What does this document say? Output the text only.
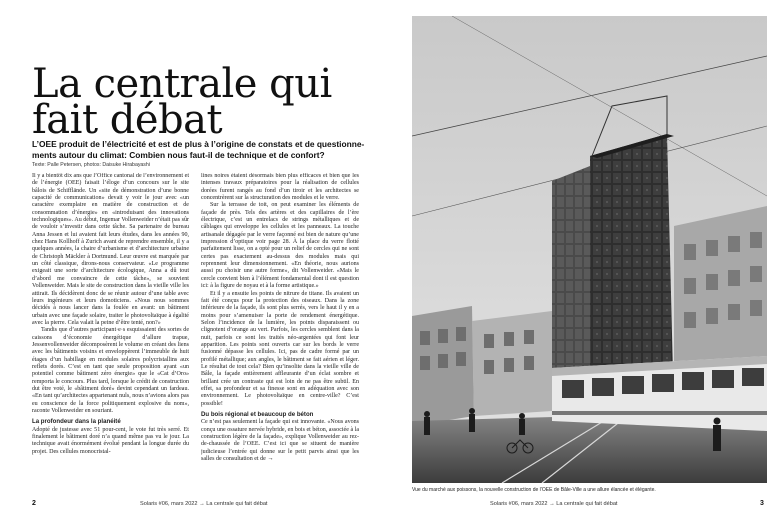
La centrale qui
fait débat

L’OEE produit de l’électricité et est de plus à l’origine de constats et de questionnements autour du climat: Combien nous faut-il de technique et de confort?

Texte: Palle Petersen, photos: Daisuke Hirabayashi

Il y a bientôt dix ans que l’Office cantonal de l’environnement et de l’énergie (OEE) faisait l’éloge d’un concours sur le site bâlois de Schifflände. Un «site de démonstration d’une bonne capacité de communication» devait y voir le jour avec «un caractère exemplaire en matière de construction et de consommation d’énergie» en «introduisant des innovations technologiques». Au début, Ingemar Vollenweider n’était pas sûr de vouloir s’investir dans cette tâche. Sa partenaire de bureau Anna Jessen et lui avaient fait leurs études, dans les années 90, chez Hans Kollhoff à Zurich avant de reprendre ensemble, il y a quelques années, la chaire d’urbanisme et d’architecture urbaine de Christoph Mäckler à Dortmund. Leur œuvre est marquée par un côté classique, dirons-nous conservateur. «Le programme exigeait une sorte d’architecture écologique, Anna a dû tout d’abord me convaincre de cette tâche», se souvient Vollenweider. Mais le site de construction dans la vieille ville les attirait. Ils décidèrent donc de se réunir autour d’une table avec leurs ingénieurs et leurs domoticiens. «Nous nous sommes décidés à nous lancer dans la foulée en avant: un bâtiment urbain avec une façade solaire, traiter le photovoltaïque à égalité avec la pierre. Cela valait la peine d’être tenté, non?»

Tandis que d’autres participant·e·s esquissaient des sortes de caissons d’économie énergétique d’allure trapue, Jessenvollenweider décomposèrent le volume en créant des liens avec les bâtiments voisins et enveloppèrent l’immeuble de huit étages d’un habillage en modules solaires polycristallins aux reflets dorés. C’est en tant que seule proposition ayant «un potentiel comme bâtiment zéro énergie» que le «Cat d’Oro» remporta le concours. Plus tard, lorsque le crédit de construction dut être voté, le «bâtiment doré» devint cependant un fardeau. «En tant qu’architectes appartenant nuls, nous n’avions alors pas eu conscience de la force politiquement explosive du nom», raconte Vollenweider en souriant.

La profondeur dans la planéité

Adopté de justesse avec 51 pour-cent, le vote fut très serré. Et finalement le bâtiment doré n’a quand même pas vu le jour. La technique avait énormément évolué pendant la longue durée du projet. Des cellules monocristal-

lines noires étaient désormais bien plus efficaces et bien que les intenses travaux préparatoires pour la réalisation de cellules dorées furent rangés au fond d’un tiroir et les architectes se concentrèrent sur la structuration des modules et le verre.

Sur la terrasse de toit, on peut examiner les éléments de façade de près. Tels des artères et des capillaires de l’ère électrique, c’est un entrelacs de strings métalliques et de câblages qui enveloppe les cellules et les panneaux. La touche artisanale dégagée par le verre façonné est bien de nature qu’une impression d’optique voir page 28. À la place du verre flotté parfaitement lisse, on a opté pour un relief de cercles qui ne sont certes pas exactement au-dessus des modules mais qui reprennent leur dimensionnement. «En théorie, nous aurions aussi pu choisir une autre forme», dit Vollenweider. «Mais le cercle convient bien à l’élément fondamental dont il est question ici: à la figure de noyau et à la forme artistique.»

Et il y a ensuite les points de nitrure de titane. Ils avaient un fait été conçus pour la protection des oiseaux. Dans la zone inférieure de la façade, ils sont plus serrés, vers le haut il y en a moins pour s’amenuiser la porte de rendement énergétique. Selon l’incidence de la lumière, les points disparaissent ou clignotent d’orange au vert. Parfois, les cercles semblent dans la nuit, parfois ce sont les traités néo-argentées qui font leur apparition. Les points sont ouverts car sur les bords le verre fusionné dépasse les cellules. Ici, pas de cadre formé par un profilé métallique; aux angles, le bâtiment se fait aérien et léger. Le résultat de tout cela? Bien qu’insolite dans la vieille ville de Bâle, la façade entièrement affleurante d’un éclat sombre et brillant crée un contraste qui est loin de ne pas être subtil. En effet, sa profondeur et sa finesse sont en adéquation avec son environnement. Le photovoltaïque en centre-ville? C’est possible!

Du bois régional et beaucoup de béton

Ce n’est pas seulement la façade qui est innovante. «Nous avons conçu une ossature nervée hybride, en bois et béton, associée à la construction légère de la façade», explique Vollenweider au rez-de-chaussée de l’OEE. C’est ici que se situent de manière judicieuse l’entrée qui donne sur le petit parvis ainsi que les salles de consultation et de →

2	Solaris #06, mars 2022 → La centrale qui fait débat
Vue du marché aux poissons, la nouvelle construction de l’OEE de Bâle-Ville a une allure élancée et élégante.
Solaris #06, mars 2022 → La centrale qui fait débat	3
